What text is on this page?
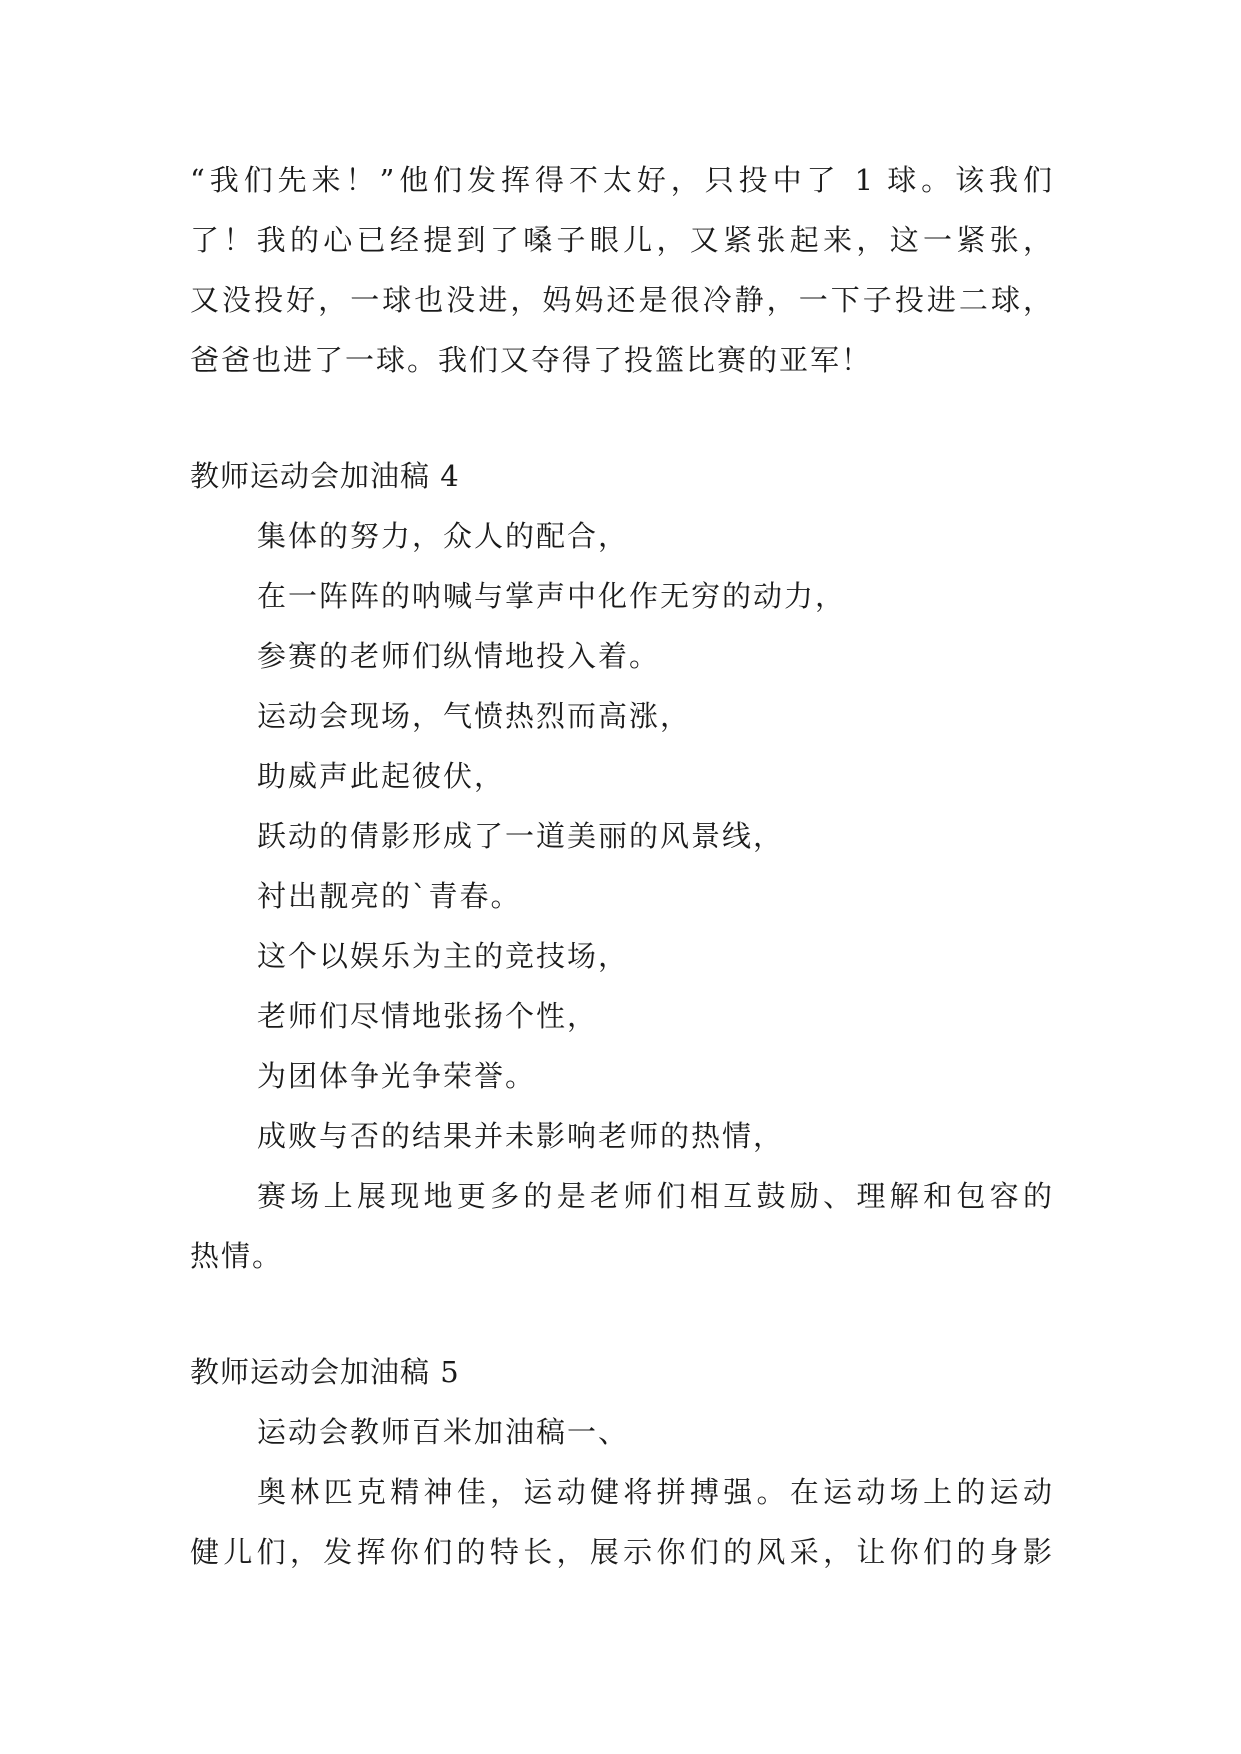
“我们先来！”他们发挥得不太好，只投中了 1 球。该我们
了！我的心已经提到了嗓子眼儿，又紧张起来，这一紧张，
又没投好，一球也没进，妈妈还是很冷静，一下子投进二球，
爸爸也进了一球。我们又夺得了投篮比赛的亚军！
教师运动会加油稿 4
集体的努力，众人的配合，
在一阵阵的呐喊与掌声中化作无穷的动力，
参赛的老师们纵情地投入着。
运动会现场，气愤热烈而高涨，
助威声此起彼伏，
跃动的倩影形成了一道美丽的风景线，
衬出靓亮的`青春。
这个以娱乐为主的竞技场，
老师们尽情地张扬个性，
为团体争光争荣誉。
成败与否的结果并未影响老师的热情，
赛场上展现地更多的是老师们相互鼓励、理解和包容的
热情。
教师运动会加油稿 5
运动会教师百米加油稿一、
奥林匹克精神佳，运动健将拼搏强。在运动场上的运动
健儿们，发挥你们的特长，展示你们的风采，让你们的身影
